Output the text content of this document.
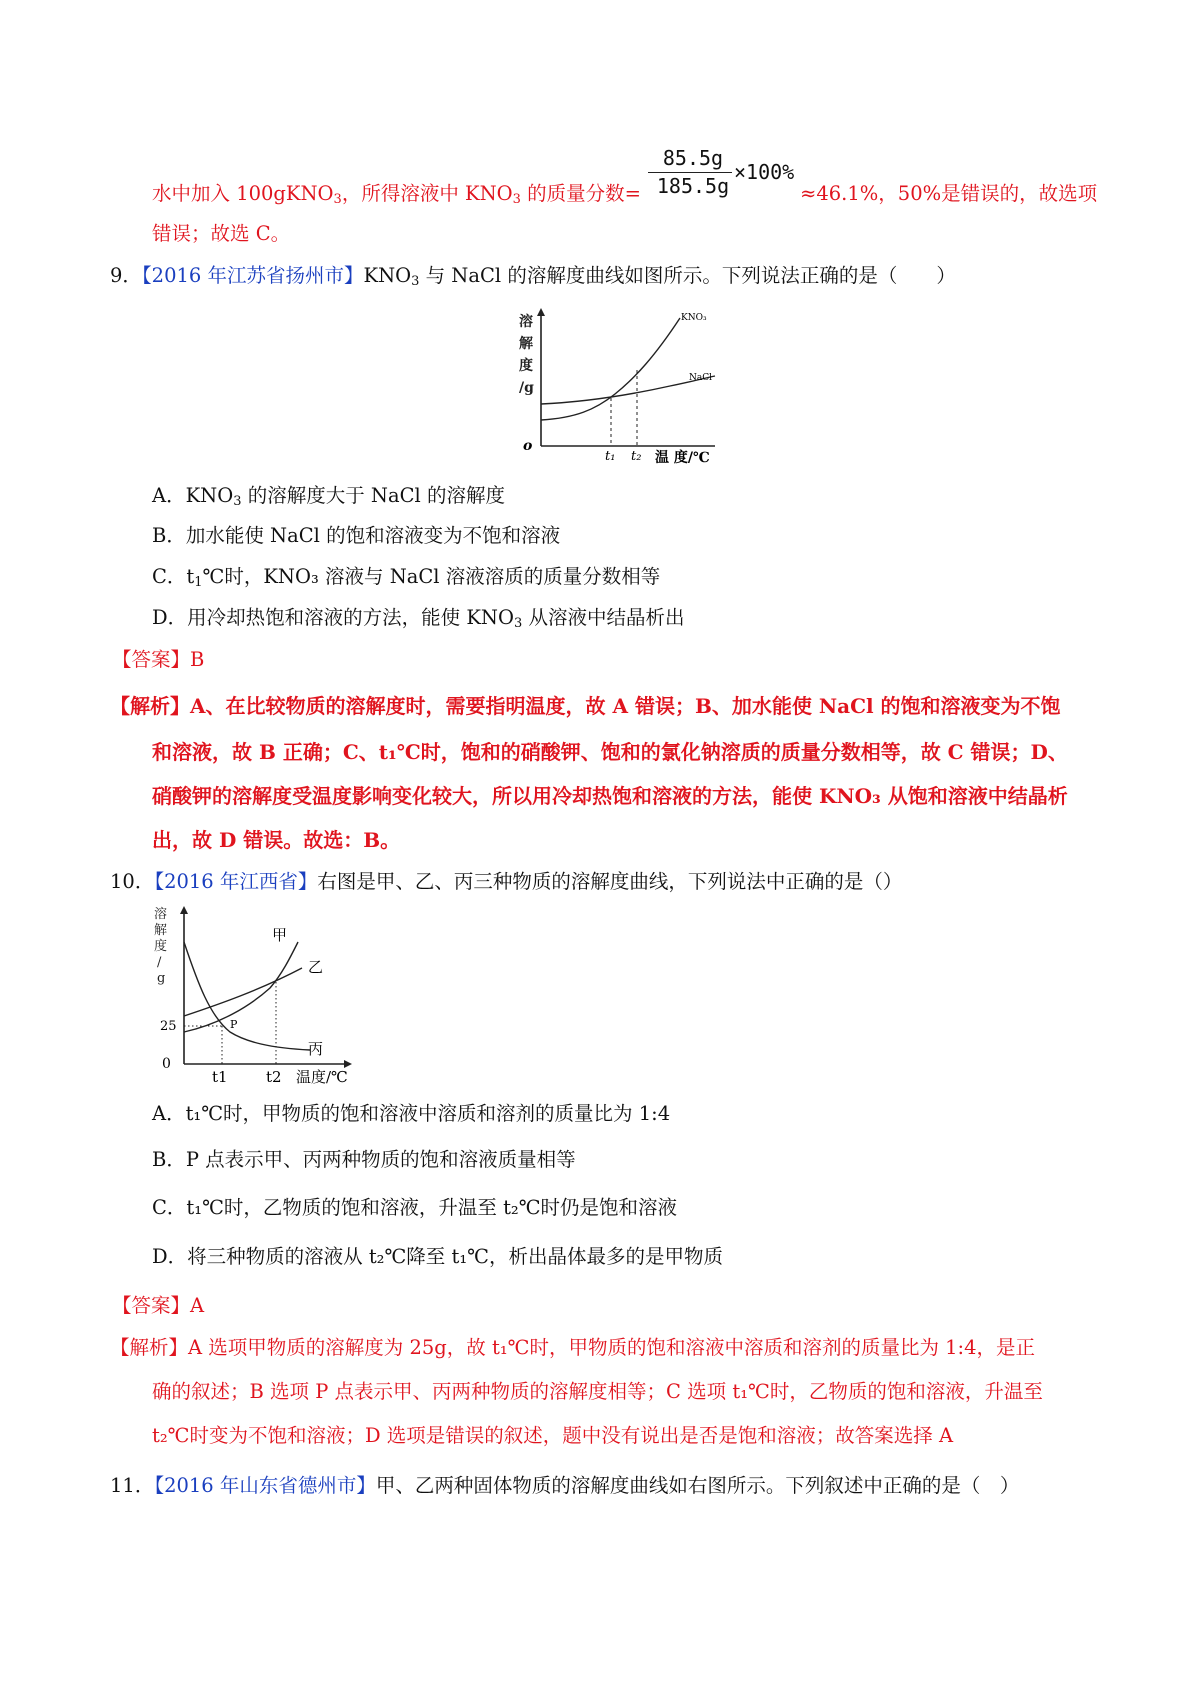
85.5g
185.5g
×100%
水中加入 100gKNO$_3$，所得溶液中 $KNO_3$ 的质量分数=	≈46.1%，50%是错误的，故选项
错误；故选 C。
9．【2016 年江苏省扬州市】$KNO_3$ 与 NaCl 的溶解度曲线如图所示。下列说法正确的是（　　）
溶
解
度
/g
o
KNO₃
NaCl
t₁ t₂ 温 度/℃
A．$KNO_3$ 的溶解度大于 NaCl 的溶解度
B．加水能使 NaCl 的饱和溶液变为不饱和溶液
C．$t_1℃$时，KNO₃ 溶液与 NaCl 溶液溶质的质量分数相等
D．用冷却热饱和溶液的方法，能使 $KNO_3$ 从溶液中结晶析出
【答案】B
【解析】A、在比较物质的溶解度时，需要指明温度，故 A 错误；B、加水能使 NaCl 的饱和溶液变为不饱
和溶液，故 B 正确；C、t₁℃时，饱和的硝酸钾、饱和的氯化钠溶质的质量分数相等，故 C 错误；D、
硝酸钾的溶解度受温度影响变化较大，所以用冷却热饱和溶液的方法，能使 KNO₃ 从饱和溶液中结晶析
出，故 D 错误。故选：B。
10．【2016 年江西省】右图是甲、乙、丙三种物质的溶解度曲线，下列说法中正确的是（）
溶
解
度
/
g
0
25
甲
乙
丙
P
t1	t2 温度/℃
A．t₁℃时，甲物质的饱和溶液中溶质和溶剂的质量比为 1:4
B．P 点表示甲、丙两种物质的饱和溶液质量相等
C．t₁℃时，乙物质的饱和溶液，升温至 t₂℃时仍是饱和溶液
D．将三种物质的溶液从 t₂℃降至 t₁℃，析出晶体最多的是甲物质
【答案】A
【解析】A 选项甲物质的溶解度为 25g，故 t₁℃时，甲物质的饱和溶液中溶质和溶剂的质量比为 1:4，是正
确的叙述；B 选项 P 点表示甲、丙两种物质的溶解度相等；C 选项 t₁℃时，乙物质的饱和溶液，升温至
t₂℃时变为不饱和溶液；D 选项是错误的叙述，题中没有说出是否是饱和溶液；故答案选择 A
11．【2016 年山东省德州市】甲、乙两种固体物质的溶解度曲线如右图所示。下列叙述中正确的是（　）
